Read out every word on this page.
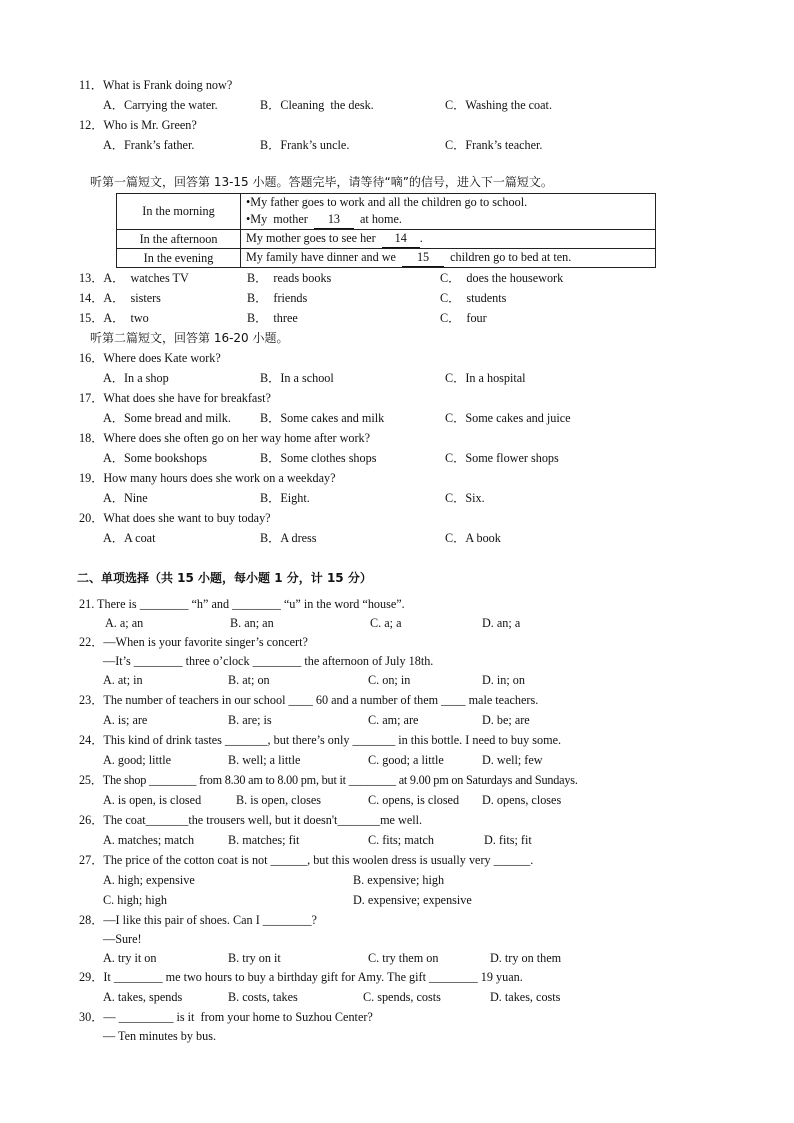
11．What is Frank doing now?
A．Carrying the water.	B．Cleaning  the desk.	C．Washing the coat.
12．Who is Mr. Green?
A．Frank’s father.	B．Frank’s uncle.	C．Frank’s teacher.
听第一篇短文，回答第 13-15 小题。答题完毕，请等待“嘀”的信号，进入下一篇短文。
In the morning	•My father goes to work and all the children go to school.
•My  mother  13  at home.

In the afternoon	My mother goes to see her  14 .
In the evening	My family have dinner and we  15  children go to bed at ten.
13．A．  watches TV	B．  reads books	C．  does the housework
14．A．  sisters	B．  friends	C．  students
15．A．  two	B．  three	C．  four
听第二篇短文，回答第 16-20 小题。
16．Where does Kate work?
A．In a shop	B．In a school	C．In a hospital
17．What does she have for breakfast?
A．Some bread and milk. B．Some cakes and milk	C．Some cakes and juice
18．Where does she often go on her way home after work?
A．Some bookshops	B．Some clothes shops	C．Some flower shops
19．How many hours does she work on a weekday?
A．Nine	B．Eight.	C．Six.
20．What does she want to buy today?
A．A coat	B．A dress	C．A book
二、单项选择（共 15 小题，每小题 1 分，计 15 分）
21. There is ________ “h” and ________ “u” in the word “house”.
A. a; an	B. an; an	C. a; a	D. an; a
22．—When is your favorite singer’s concert?
—It’s ________ three o’clock ________ the afternoon of July 18th.
A. at; in	B. at; on	C. on; in	D. in; on
23．The number of teachers in our school ____ 60 and a number of them ____ male teachers.
A. is; are	B. are; is	C. am; are	D. be; are
24．This kind of drink tastes _______, but there’s only _______ in this bottle. I need to buy some.
A. good; little	B. well; a little	C. good; a little	D. well; few
25．The shop ________ from 8.30 am to 8.00 pm, but it ________ at 9.00 pm on Saturdays and Sundays.
A. is open, is closed	B. is open, closes	C. opens, is closed D. opens, closes
26．The coat_______the trousers well, but it doesn't_______me well.
A. matches; match	B. matches; fit	C. fits; match	D. fits; fit
27．The price of the cotton coat is not ______, but this woolen dress is usually very ______.
A. high; expensive	B. expensive; high
C. high; high	D. expensive; expensive
28．—I like this pair of shoes. Can I ________?
—Sure!
A. try it on	B. try on it	C. try them on	D. try on them
29．It ________ me two hours to buy a birthday gift for Amy. The gift ________ 19 yuan.
A. takes, spends	B. costs, takes	C. spends, costs	D. takes, costs
30．— _________ is it  from your home to Suzhou Center?
— Ten minutes by bus.
